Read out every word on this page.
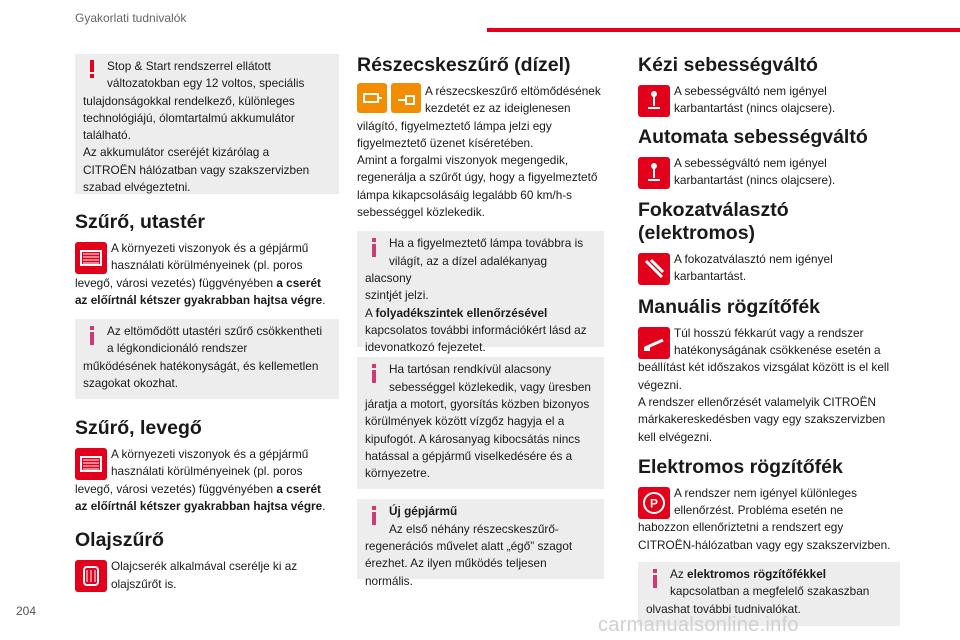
Gyakorlati tudnivalók

Stop & Start rendszerrel ellátott
változatokban egy 12 voltos, speciális

tulajdonságokkal rendelkező, különleges
technológiájú, ólomtartalmú akkumulátor
található.
Az akkumulátor cseréjét kizárólag a
CITROËN hálózatban vagy szakszervizben
szabad elvégeztetni.

Szűrő, utastér

A környezeti viszonyok és a gépjármű
használati körülményeinek (pl. poros

levegő, városi vezetés) függvényében a cserét
az előírtnál kétszer gyakrabban hajtsa végre.

Az eltömődött utastéri szűrő csökkentheti
a légkondicionáló rendszer

működésének hatékonyságát, és kellemetlen
szagokat okozhat.

Szűrő, levegő

A környezeti viszonyok és a gépjármű
használati körülményeinek (pl. poros

levegő, városi vezetés) függvényében a cserét
az előírtnál kétszer gyakrabban hajtsa végre.

Olajszűrő

Olajcserék alkalmával cserélje ki az
olajszűrőt is.

Részecskeszűrő (dízel)

A részecskeszűrő eltömődésének
kezdetét ez az ideiglenesen

világító, figyelmeztető lámpa jelzi egy
figyelmeztető üzenet kíséretében.
Amint a forgalmi viszonyok megengedik,
regenerálja a szűrőt úgy, hogy a figyelmeztető
lámpa kikapcsolásáig legalább 60 km/h-s
sebességgel közlekedik.

Ha a figyelmeztető lámpa továbbra is
világít, az a dízel adalékanyag alacsony

szintjét jelzi.
A folyadékszintek ellenőrzésével
kapcsolatos további információkért lásd az
idevonatkozó fejezetet.

Ha tartósan rendkívül alacsony
sebességgel közlekedik, vagy üresben

járatja a motort, gyorsítás közben bizonyos
körülmények között vízgőz hagyja el a
kipufogót. A károsanyag kibocsátás nincs
hatással a gépjármű viselkedésére és a
környezetre.

Új gépjármű
Az első néhány részecskeszűrő-

regenerációs művelet alatt „égő” szagot
érezhet. Az ilyen működés teljesen normális.

Kézi sebességváltó

A sebességváltó nem igényel
karbantartást (nincs olajcsere).

Automata sebességváltó

A sebességváltó nem igényel
karbantartást (nincs olajcsere).

Fokozatválasztó
(elektromos)

A fokozatválasztó nem igényel
karbantartást.

Manuális rögzítőfék

Túl hosszú fékkarút vagy a rendszer
hatékonyságának csökkenése esetén a

beállítást két időszakos vizsgálat között is el kell
végezni.
A rendszer ellenőrzését valamelyik CITROËN
márkakereskedésben vagy egy szakszervizben
kell elvégezni.

Elektromos rögzítőfék
P

A rendszer nem igényel különleges
ellenőrzést. Probléma esetén ne

habozzon ellenőriztetni a rendszert egy
CITROËN-hálózatban vagy egy szakszervizben.

Az elektromos rögzítőfékkel
kapcsolatban a megfelelő szakaszban

olvashat további tudnivalókat.

204
carmanualsonline.info
